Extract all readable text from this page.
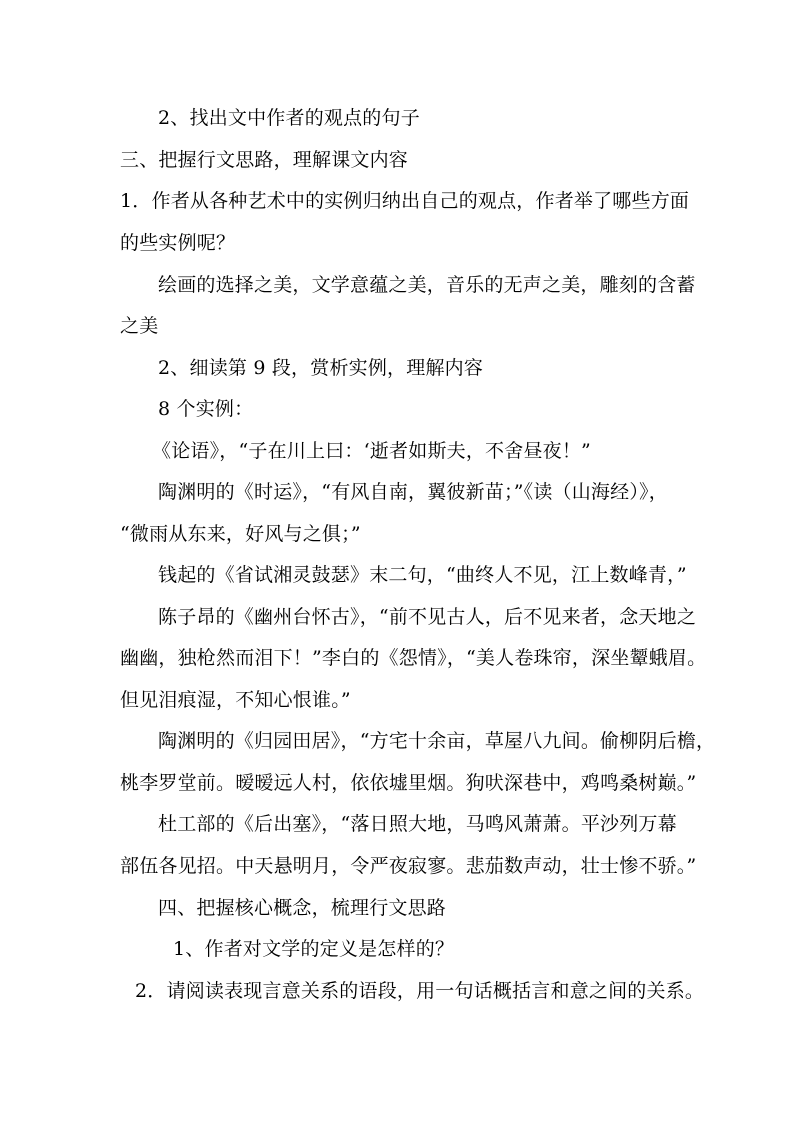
2、找出文中作者的观点的句子
三、把握行文思路，理解课文内容
1．作者从各种艺术中的实例归纳出自己的观点，作者举了哪些方面
的些实例呢？
绘画的选择之美，文学意蕴之美，音乐的无声之美，雕刻的含蓄
之美
2、细读第 9 段，赏析实例，理解内容
8 个实例：
《论语》，“子在川上曰：‘逝者如斯夫，不舍昼夜！”
陶渊明的《时运》，“有风自南，翼彼新苗；”《读（山海经）》，
“微雨从东来，好风与之俱；”
钱起的《省试湘灵鼓瑟》末二句，“曲终人不见，江上数峰青，”
陈子昂的《幽州台怀古》，“前不见古人，后不见来者，念天地之
幽幽，独枪然而泪下！”李白的《怨情》，“美人卷珠帘，深坐颦蛾眉。
但见泪痕湿，不知心恨谁。”
陶渊明的《归园田居》，“方宅十余亩，草屋八九间。偷柳阴后檐，
桃李罗堂前。暧暧远人村，依依墟里烟。狗吠深巷中，鸡鸣桑树巅。”
杜工部的《后出塞》，“落日照大地，马鸣风萧萧。平沙列万幕
部伍各见招。中天悬明月，令严夜寂寥。悲茄数声动，壮士惨不骄。”
四、把握核心概念，梳理行文思路
1、作者对文学的定义是怎样的？
2．请阅读表现言意关系的语段，用一句话概括言和意之间的关系。
